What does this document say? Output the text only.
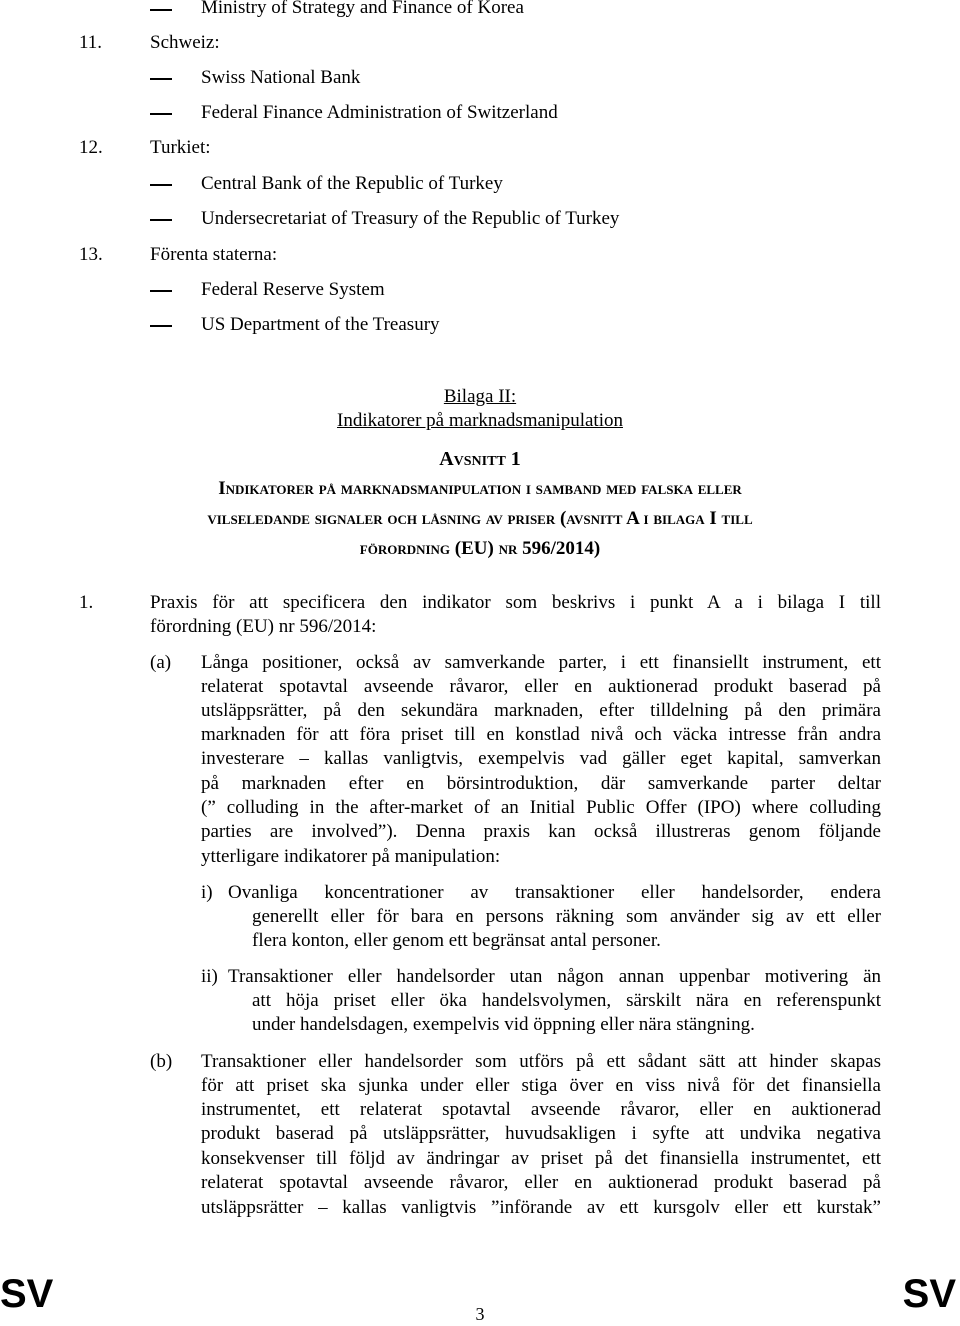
Ministry of Strategy and Finance of Korea
11.	Schweiz:
Swiss National Bank
Federal Finance Administration of Switzerland
12. Turkiet:
Central Bank of the Republic of Turkey
Undersecretariat of Treasury of the Republic of Turkey
13. Förenta staterna:
Federal Reserve System
US Department of the Treasury
Bilaga II:
Indikatorer på marknadsmanipulation
Avsnitt 1
Indikatorer på marknadsmanipulation i samband med falska eller
vilseledande signaler och låsning av priser (avsnitt A i bilaga I till
förordning (EU) nr 596/2014)
1.	Praxis för att specificera den indikator som beskrivs i punkt A a i bilaga I till
förordning (EU) nr 596/2014:
(a) Långa positioner, också av samverkande parter, i ett finansiellt instrument, ett
relaterat spotavtal avseende råvaror, eller en auktionerad produkt baserad på
utsläppsrätter, på den sekundära marknaden, efter tilldelning på den primära
marknaden för att föra priset till en konstlad nivå och väcka intresse från andra
investerare – kallas vanligtvis, exempelvis vad gäller eget kapital, samverkan
på marknaden efter en börsintroduktion, där samverkande parter deltar
(” colluding in the after-market of an Initial Public Offer (IPO) where colluding
parties are involved”). Denna praxis kan också illustreras genom följande
ytterligare indikatorer på manipulation:
i) Ovanliga koncentrationer av transaktioner eller handelsorder, endera
generellt eller för bara en persons räkning som använder sig av ett eller
flera konton, eller genom ett begränsat antal personer.
ii) Transaktioner eller handelsorder utan någon annan uppenbar motivering än
att höja priset eller öka handelsvolymen, särskilt nära en referenspunkt
under handelsdagen, exempelvis vid öppning eller nära stängning.
(b) Transaktioner eller handelsorder som utförs på ett sådant sätt att hinder skapas
för att priset ska sjunka under eller stiga över en viss nivå för det finansiella
instrumentet, ett relaterat spotavtal avseende råvaror, eller en auktionerad
produkt baserad på utsläppsrätter, huvudsakligen i syfte att undvika negativa
konsekvenser till följd av ändringar av priset på det finansiella instrumentet, ett
relaterat spotavtal avseende råvaror, eller en auktionerad produkt baserad på
utsläppsrätter – kallas vanligtvis ”införande av ett kursgolv eller ett kurstak”
SV	3	SV
